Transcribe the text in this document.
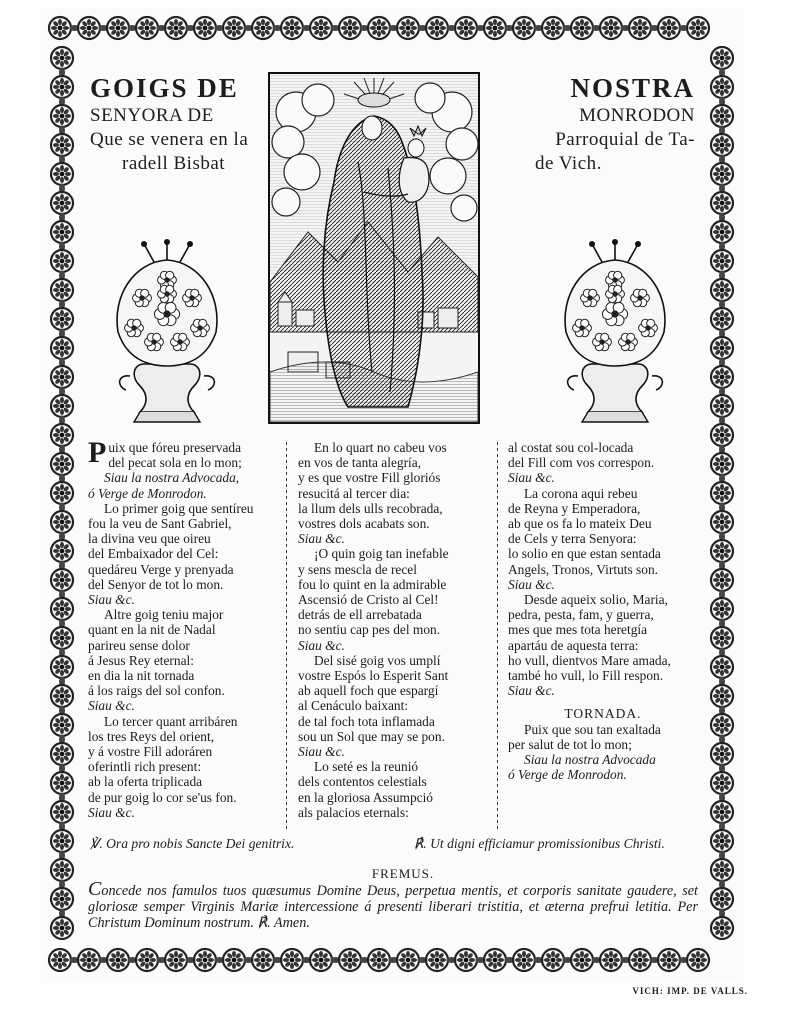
GOIGS DE
SENYORA DE
Que se venera en la
radell Bisbat
NOSTRA
MONRODON
Parroquial de Ta-
de Vich.
Puix que fóreu preservada
del pecat sola en lo mon;
Siau la nostra Advocada,
ó Verge de Monrodon.
Lo primer goig que sentíreu
fou la veu de Sant Gabriel,
la divina veu que oireu
del Embaixador del Cel:
quedáreu Verge y prenyada
del Senyor de tot lo mon.
Siau &c.
Altre goig teniu major
quant en la nit de Nadal
parireu sense dolor
á Jesus Rey eternal:
en dia la nit tornada
á los raigs del sol confon.
Siau &c.
Lo tercer quant arribáren
los tres Reys del orient,
y á vostre Fill adoráren
oferintli rich present:
ab la oferta triplicada
de pur goig lo cor se'us fon.
Siau &c.
En lo quart no cabeu vos
en vos de tanta alegría,
y es que vostre Fill gloriós
resucitá al tercer dia:
la llum dels ulls recobrada,
vostres dols acabats son.
Siau &c.
¡O quin goig tan inefable
y sens mescla de recel
fou lo quint en la admirable
Ascensió de Cristo al Cel!
detrás de ell arrebatada
no sentiu cap pes del mon.
Siau &c.
Del sisé goig vos umplí
vostre Espós lo Esperit Sant
ab aquell foch que espargí
al Cenáculo baixant:
de tal foch tota inflamada
sou un Sol que may se pon.
Siau &c.
Lo seté es la reunió
dels contentos celestials
en la gloriosa Assumpció
als palacios eternals:
al costat sou col-locada
del Fill com vos correspon.
Siau &c.
La corona aqui rebeu
de Reyna y Emperadora,
ab que os fa lo mateix Deu
de Cels y terra Senyora:
lo solio en que estan sentada
Angels, Tronos, Virtuts son.
Siau &c.
Desde aqueix solio, Maria,
pedra, pesta, fam, y guerra,
mes que mes tota heretgía
apartáu de aquesta terra:
ho vull, dientvos Mare amada,
també ho vull, lo Fill respon.
Siau &c.
TORNADA.
Puix que sou tan exaltada
per salut de tot lo mon;
Siau la nostra Advocada
ó Verge de Monrodon.
℣. Ora pro nobis Sancte Dei genitrix.	℟. Ut digni efficiamur promissionibus Christi.
FREMUS.
Concede nos famulos tuos quæsumus Domine Deus, perpetua mentis, et corporis sanitate gaudere, set gloriosæ semper Virginis Mariæ intercessione á presenti liberari tristitia, et æterna prefrui letitia. Per Christum Dominum nostrum. ℟. Amen.
VICH: IMP. DE VALLS.
